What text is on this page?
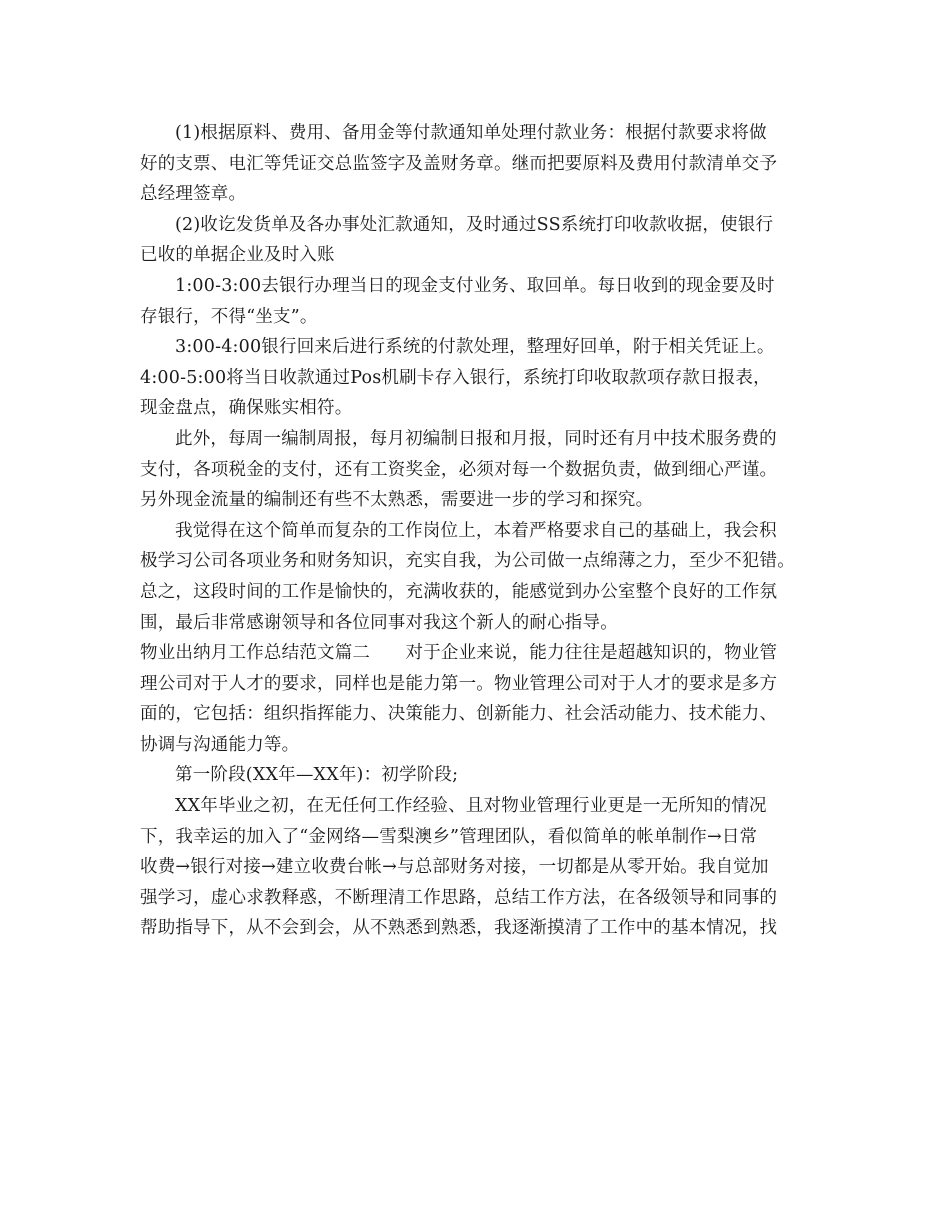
(1)根据原料、费用、备用金等付款通知单处理付款业务：根据付款要求将做
好的支票、电汇等凭证交总监签字及盖财务章。继而把要原料及费用付款清单交予
总经理签章。
(2)收讫发货单及各办事处汇款通知，及时通过SS系统打印收款收据，使银行
已收的单据企业及时入账
1:00-3:00去银行办理当日的现金支付业务、取回单。每日收到的现金要及时
存银行，不得“坐支”。
3:00-4:00银行回来后进行系统的付款处理，整理好回单，附于相关凭证上。
4:00-5:00将当日收款通过Pos机刷卡存入银行，系统打印收取款项存款日报表，
现金盘点，确保账实相符。
此外，每周一编制周报，每月初编制日报和月报，同时还有月中技术服务费的
支付，各项税金的支付，还有工资奖金，必须对每一个数据负责，做到细心严谨。
另外现金流量的编制还有些不太熟悉，需要进一步的学习和探究。
我觉得在这个简单而复杂的工作岗位上，本着严格要求自己的基础上，我会积
极学习公司各项业务和财务知识，充实自我，为公司做一点绵薄之力，至少不犯错。
总之，这段时间的工作是愉快的，充满收获的，能感觉到办公室整个良好的工作氛
围，最后非常感谢领导和各位同事对我这个新人的耐心指导。
物业出纳月工作总结范文篇二　　对于企业来说，能力往往是超越知识的，物业管
理公司对于人才的要求，同样也是能力第一。物业管理公司对于人才的要求是多方
面的，它包括：组织指挥能力、决策能力、创新能力、社会活动能力、技术能力、
协调与沟通能力等。
第一阶段(XX年—XX年)：初学阶段;
XX年毕业之初，在无任何工作经验、且对物业管理行业更是一无所知的情况
下，我幸运的加入了“金网络—雪梨澳乡”管理团队，看似简单的帐单制作→日常
收费→银行对接→建立收费台帐→与总部财务对接，一切都是从零开始。我自觉加
强学习，虚心求教释惑，不断理清工作思路，总结工作方法，在各级领导和同事的
帮助指导下，从不会到会，从不熟悉到熟悉，我逐渐摸清了工作中的基本情况，找
